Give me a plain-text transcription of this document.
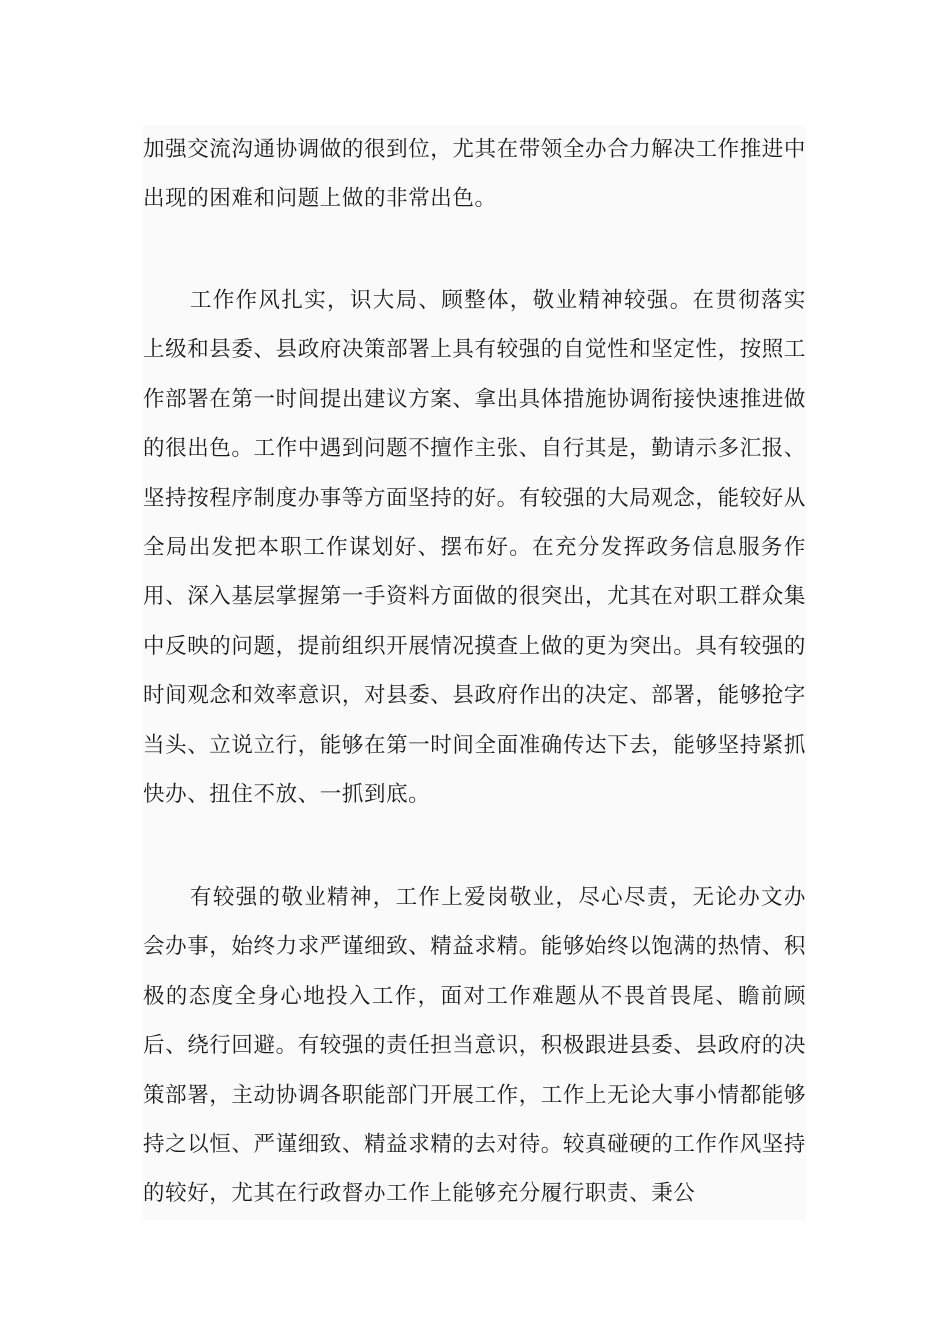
加强交流沟通协调做的很到位，尤其在带领全办合力解决工作推进中出现的困难和问题上做的非常出色。

工作作风扎实，识大局、顾整体，敬业精神较强。在贯彻落实上级和县委、县政府决策部署上具有较强的自觉性和坚定性，按照工作部署在第一时间提出建议方案、拿出具体措施协调衔接快速推进做的很出色。工作中遇到问题不擅作主张、自行其是，勤请示多汇报、坚持按程序制度办事等方面坚持的好。有较强的大局观念，能较好从全局出发把本职工作谋划好、摆布好。在充分发挥政务信息服务作用、深入基层掌握第一手资料方面做的很突出，尤其在对职工群众集中反映的问题，提前组织开展情况摸查上做的更为突出。具有较强的时间观念和效率意识，对县委、县政府作出的决定、部署，能够抢字当头、立说立行，能够在第一时间全面准确传达下去，能够坚持紧抓快办、扭住不放、一抓到底。

有较强的敬业精神，工作上爱岗敬业，尽心尽责，无论办文办会办事，始终力求严谨细致、精益求精。能够始终以饱满的热情、积极的态度全身心地投入工作，面对工作难题从不畏首畏尾、瞻前顾后、绕行回避。有较强的责任担当意识，积极跟进县委、县政府的决策部署，主动协调各职能部门开展工作，工作上无论大事小情都能够持之以恒、严谨细致、精益求精的去对待。较真碰硬的工作作风坚持的较好，尤其在行政督办工作上能够充分履行职责、秉公
